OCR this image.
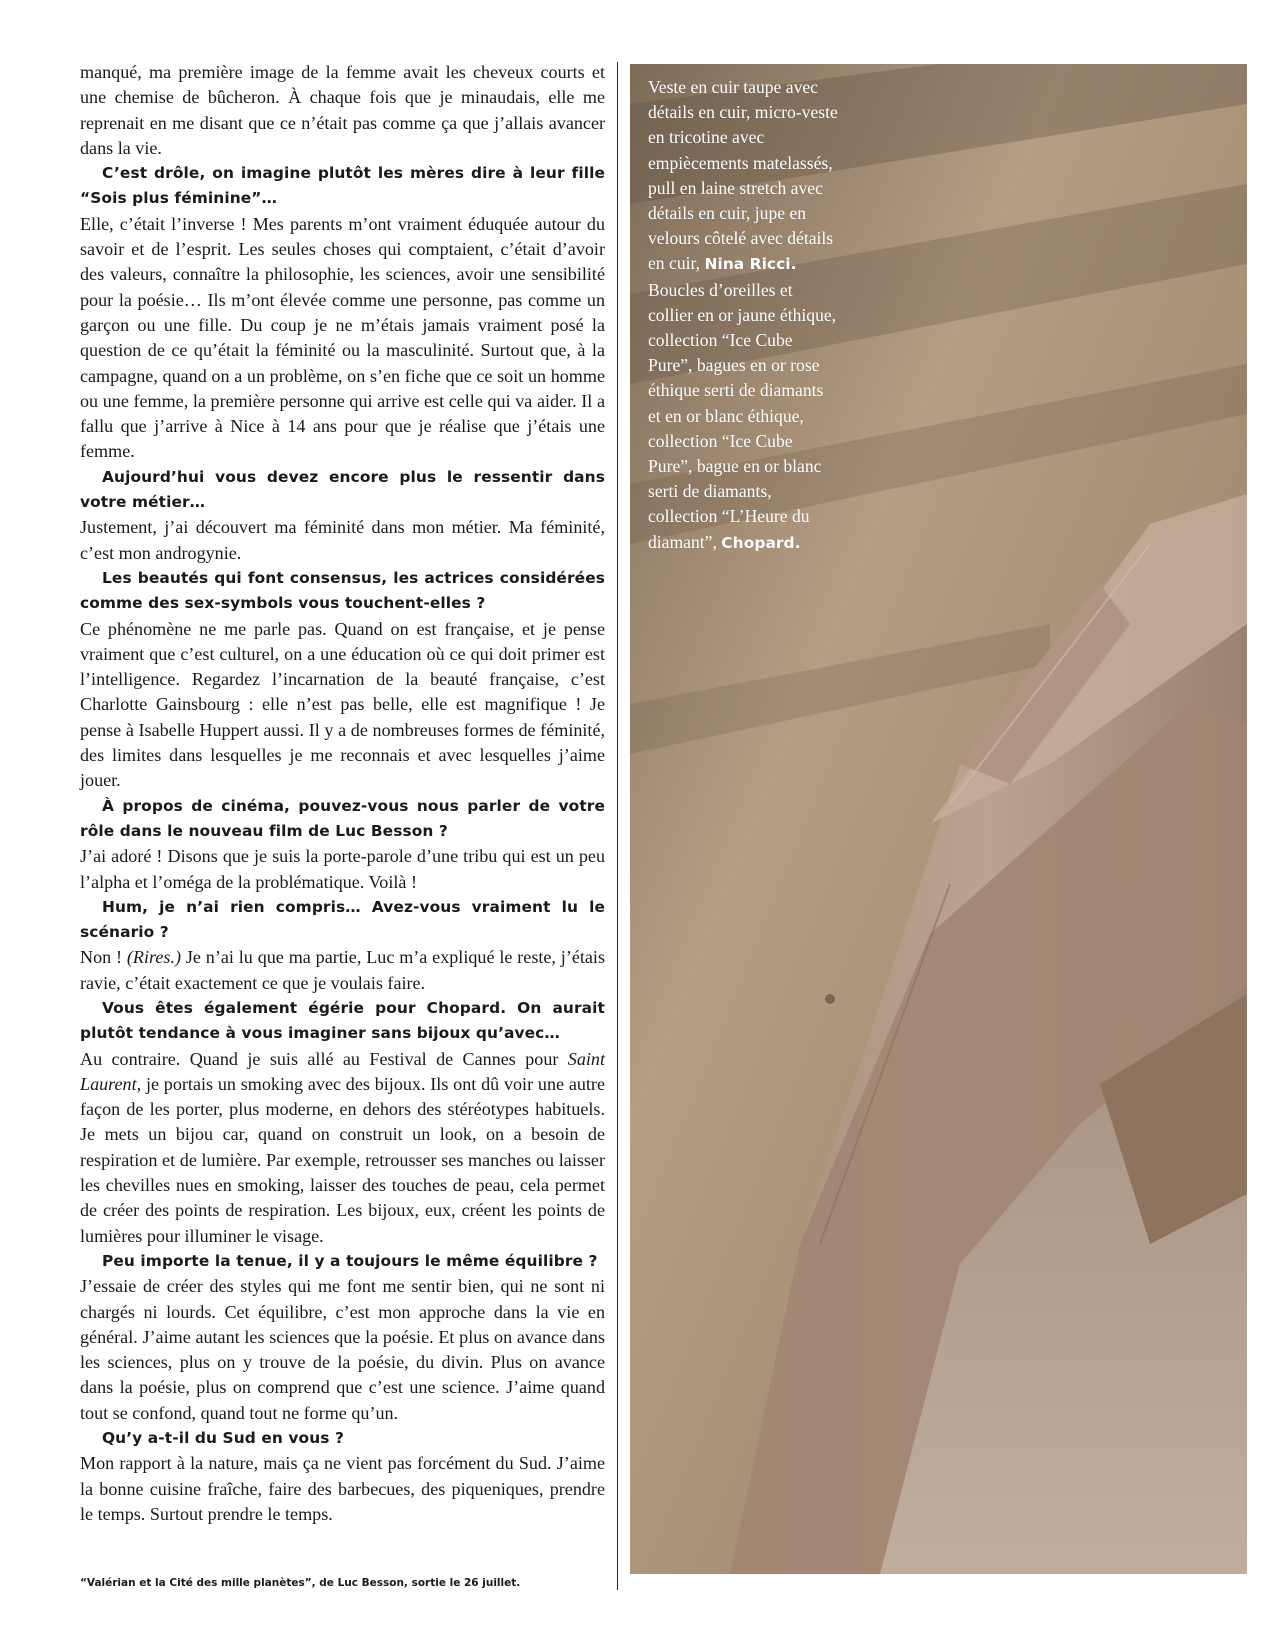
manqué, ma première image de la femme avait les cheveux courts et une chemise de bûcheron. À chaque fois que je minaudais, elle me reprenait en me disant que ce n’était pas comme ça que j’allais avancer dans la vie.

C’est drôle, on imagine plutôt les mères dire à leur fille “Sois plus féminine”…

Elle, c’était l’inverse ! Mes parents m’ont vraiment éduquée autour du savoir et de l’esprit. Les seules choses qui comptaient, c’était d’avoir des valeurs, connaître la philosophie, les sciences, avoir une sensibilité pour la poésie… Ils m’ont élevée comme une personne, pas comme un garçon ou une fille. Du coup je ne m’étais jamais vraiment posé la question de ce qu’était la féminité ou la masculinité. Surtout que, à la campagne, quand on a un problème, on s’en fiche que ce soit un homme ou une femme, la première personne qui arrive est celle qui va aider. Il a fallu que j’arrive à Nice à 14 ans pour que je réalise que j’étais une femme.

Aujourd’hui vous devez encore plus le ressentir dans votre métier…

Justement, j’ai découvert ma féminité dans mon métier. Ma féminité, c’est mon androgynie.

Les beautés qui font consensus, les actrices considérées comme des sex-symbols vous touchent-elles ?

Ce phénomène ne me parle pas. Quand on est française, et je pense vraiment que c’est culturel, on a une éducation où ce qui doit primer est l’intelligence. Regardez l’incarnation de la beauté française, c’est Charlotte Gainsbourg : elle n’est pas belle, elle est magnifique ! Je pense à Isabelle Huppert aussi. Il y a de nombreuses formes de féminité, des limites dans lesquelles je me reconnais et avec lesquelles j’aime jouer.

À propos de cinéma, pouvez-vous nous parler de votre rôle dans le nouveau film de Luc Besson ?

J’ai adoré ! Disons que je suis la porte-parole d’une tribu qui est un peu l’alpha et l’oméga de la problématique. Voilà !

Hum, je n’ai rien compris… Avez-vous vraiment lu le scénario ?

Non ! (Rires.) Je n’ai lu que ma partie, Luc m’a expliqué le reste, j’étais ravie, c’était exactement ce que je voulais faire.

Vous êtes également égérie pour Chopard. On aurait plutôt tendance à vous imaginer sans bijoux qu’avec…

Au contraire. Quand je suis allé au Festival de Cannes pour Saint Laurent, je portais un smoking avec des bijoux. Ils ont dû voir une autre façon de les porter, plus moderne, en dehors des stéréotypes habituels. Je mets un bijou car, quand on construit un look, on a besoin de respiration et de lumière. Par exemple, retrousser ses manches ou laisser les chevilles nues en smoking, laisser des touches de peau, cela permet de créer des points de respiration. Les bijoux, eux, créent les points de lumières pour illuminer le visage.

Peu importe la tenue, il y a toujours le même équilibre ?

J’essaie de créer des styles qui me font me sentir bien, qui ne sont ni chargés ni lourds. Cet équilibre, c’est mon approche dans la vie en général. J’aime autant les sciences que la poésie. Et plus on avance dans les sciences, plus on y trouve de la poésie, du divin. Plus on avance dans la poésie, plus on comprend que c’est une science. J’aime quand tout se confond, quand tout ne forme qu’un.

Qu’y a-t-il du Sud en vous ?

Mon rapport à la nature, mais ça ne vient pas forcément du Sud. J’aime la bonne cuisine fraîche, faire des barbecues, des piqueniques, prendre le temps. Surtout prendre le temps.

“Valérian et la Cité des mille planètes”, de Luc Besson, sortie le 26 juillet.
Veste en cuir taupe avec détails en cuir, micro-veste en tricotine avec empiècements matelassés, pull en laine stretch avec détails en cuir, jupe en velours côtelé avec détails en cuir, Nina Ricci. Boucles d’oreilles et collier en or jaune éthique, collection “Ice Cube Pure”, bagues en or rose éthique serti de diamants et en or blanc éthique, collection “Ice Cube Pure”, bague en or blanc serti de diamants, collection “L’Heure du diamant”, Chopard.
